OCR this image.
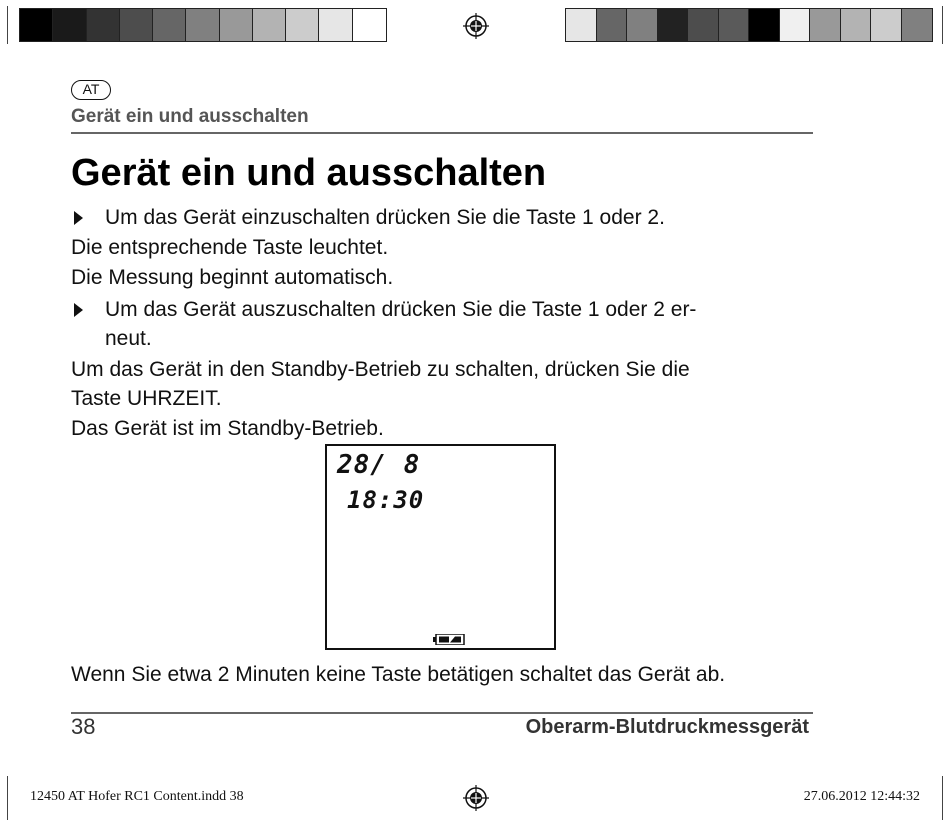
AT
Gerät ein und ausschalten
Gerät ein und ausschalten
Um das Gerät einzuschalten drücken Sie die Taste 1 oder 2.
Die entsprechende Taste leuchtet.
Die Messung beginnt automatisch.
Um das Gerät auszuschalten drücken Sie die Taste 1 oder 2 er-
neut.
Um das Gerät in den Standby-Betrieb zu schalten, drücken Sie die
Taste UHRZEIT.
Das Gerät ist im Standby-Betrieb.
28/ 8
18:30
Wenn Sie etwa 2 Minuten keine Taste betätigen schaltet das Gerät ab.
38	Oberarm-Blutdruckmessgerät
12450 AT Hofer RC1 Content.indd 38	27.06.2012 12:44:32
